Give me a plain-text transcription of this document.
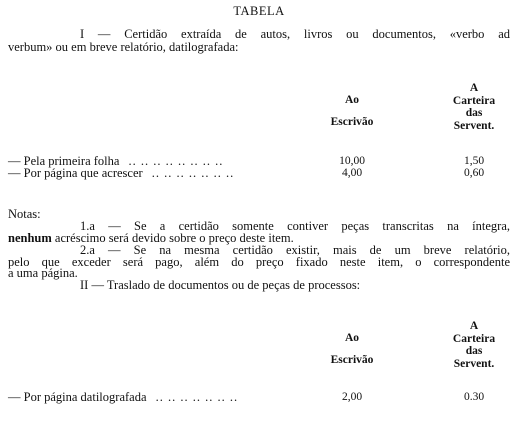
TABELA
I — Certidão extraída de autos, livros ou documentos, «verbo ad
verbum» ou em breve relatório, datilografada:
Ao
Escrivão
A
Carteira
das
Servent.
— Pela primeira folha .. .. .. .. .. .. .. ..	10,00	1,50
— Por página que acrescer .. .. .. .. .. .. ..	4,00	0,60
Notas:
1.a — Se a certidão somente contiver peças transcritas na íntegra,
nenhum acréscimo será devido sobre o preço deste item.
2.a — Se na mesma certidão existir, mais de um breve relatório,
pelo que exceder será pago, além do preço fixado neste item, o correspondente
a uma página.
II — Traslado de documentos ou de peças de processos:
Ao
Escrivão
A
Carteira
das
Servent.
— Por página datilografada .. .. .. .. .. .. ..	2,00	0.30
